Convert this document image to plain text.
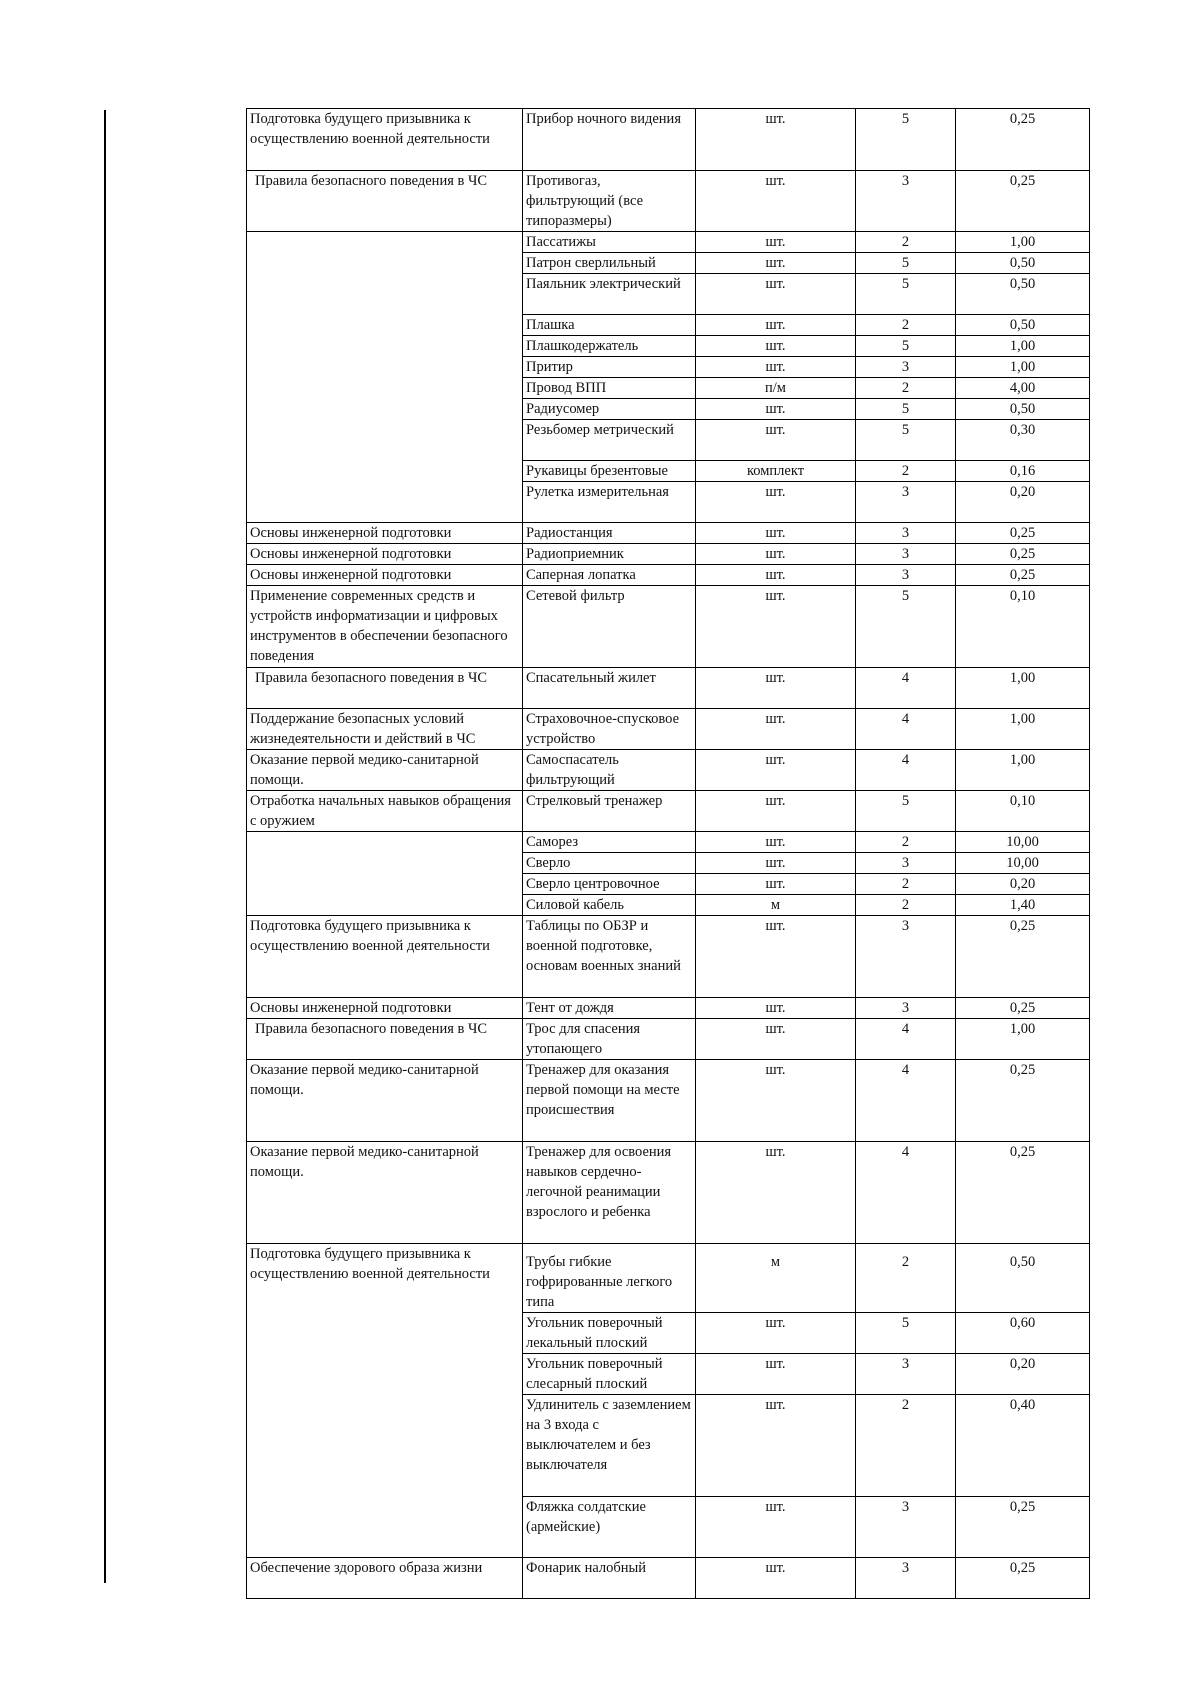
Подготовка будущего призывника к осуществлению военной деятельности	Прибор ночного видения	шт.	5	0,25
Правила безопасного поведения в ЧС	Противогаз, фильтрующий (все типоразмеры)	шт.	3	0,25
	Пассатижы	шт.	2	1,00
	Патрон сверлильный	шт.	5	0,50
	Паяльник электрический	шт.	5	0,50
	Плашка	шт.	2	0,50
	Плашкодержатель	шт.	5	1,00
	Притир	шт.	3	1,00
	Провод ВПП	п/м	2	4,00
	Радиусомер	шт.	5	0,50
	Резьбомер метрический	шт.	5	0,30
	Рукавицы брезентовые	комплект	2	0,16
	Рулетка измерительная	шт.	3	0,20
Основы инженерной подготовки	Радиостанция	шт.	3	0,25
Основы инженерной подготовки	Радиоприемник	шт.	3	0,25
Основы инженерной подготовки	Саперная лопатка	шт.	3	0,25
Применение современных средств и устройств информатизации и цифровых инструментов в обеспечении безопасного поведения	Сетевой фильтр	шт.	5	0,10
Правила безопасного поведения в ЧС	Спасательный жилет	шт.	4	1,00
Поддержание безопасных условий жизнедеятельности и действий в ЧС	Страховочное-спусковое устройство	шт.	4	1,00
Оказание первой медико-санитарной помощи.	Самоспасатель фильтрующий	шт.	4	1,00
Отработка начальных навыков обращения с оружием	Стрелковый тренажер	шт.	5	0,10
	Саморез	шт.	2	10,00
	Сверло	шт.	3	10,00
	Сверло центровочное	шт.	2	0,20
	Силовой кабель	м	2	1,40
Подготовка будущего призывника к осуществлению военной деятельности	Таблицы по ОБЗР и военной подготовке, основам военных знаний	шт.	3	0,25
Основы инженерной подготовки	Тент от дождя	шт.	3	0,25
Правила безопасного поведения в ЧС	Трос для спасения утопающего	шт.	4	1,00
Оказание первой медико-санитарной помощи.	Тренажер для оказания первой помощи на месте происшествия	шт.	4	0,25
Оказание первой медико-санитарной помощи.	Тренажер для освоения навыков сердечно-легочной реанимации взрослого и ребенка	шт.	4	0,25
Подготовка будущего призывника к осуществлению военной деятельности	Трубы гибкие гофрированные легкого типа	м	2	0,50
	Угольник поверочный лекальный плоский	шт.	5	0,60
	Угольник поверочный слесарный плоский	шт.	3	0,20
	Удлинитель с заземлением на 3 входа с выключателем и без выключателя	шт.	2	0,40
	Фляжка солдатские (армейские)	шт.	3	0,25
Обеспечение здорового образа жизни	Фонарик налобный	шт.	3	0,25
